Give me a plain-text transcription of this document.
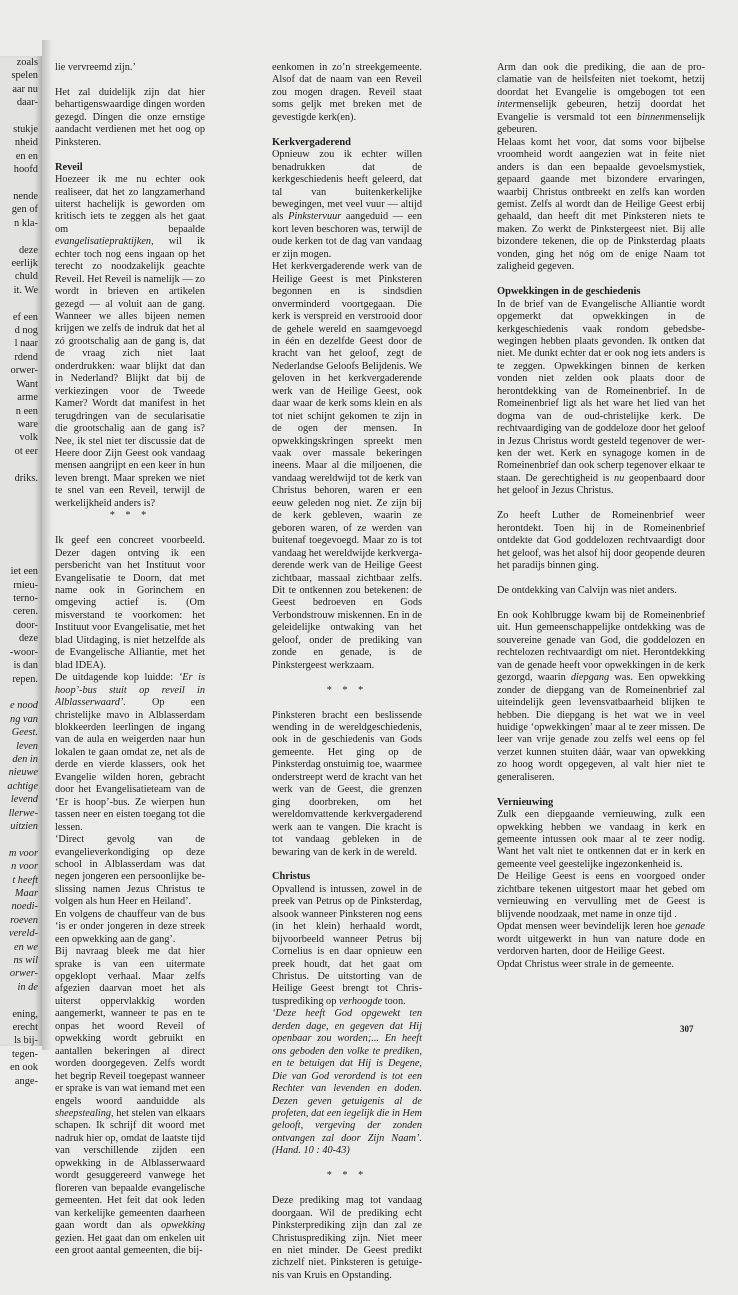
zoals
spelen
aar nu
daar-
stukje
nheid
en en
hoofd
nende
gen of
n kla-
deze
eerlijk
chuld
it. We
ef een
d nog
l naar
rdend
orwer-
Want
arme
n een
ware
volk
ot eer
driks.
iet een
rnieu-
terno-
ceren.
door-
deze
-woor-
is dan
repen.
e nood
ng van
Geest.
leven
den in
nieuwe
achtige
levend
llerwe-
uitzien
m voor
n voor
t heeft
Maar
noedi-
roeven
vereld-
en we
ns wil
orwer-
in de
ening,
erecht
ls bij-
tegen-
en ook
ange-

lie vervreemd zijn.’

Het zal duidelijk zijn dat hier behartigenswaardige dingen worden gezegd. Dingen die onze ernstige aandacht verdienen met het oog op Pinksteren.

Reveil

Hoezeer ik me nu echter ook realiseer, dat het zo langzamerhand uiterst hachelijk is geworden om kritisch iets te zeggen als het gaat om bepaalde evangelisatiepraktijken, wil ik echter toch nog eens ingaan op het terecht zo noodzakelijk geachte Reveil. Het Reveil is namelijk — zo wordt in brieven en artikelen gezegd — al voluit aan de gang. Wanneer we alles bijeen nemen krijgen we zelfs de indruk dat het al zó grootschalig aan de gang is, dat de vraag zich niet laat onderdrukken: waar blijkt dat dan in Nederland? Blijkt dat bij de verkiezingen voor de Tweede Kamer? Wordt dat manifest in het terugdringen van de secularisatie die grootschalig aan de gang is? Nee, ik stel niet ter discussie dat de Heere door Zijn Geest ook vandaag mensen aangrijpt en een keer in hun leven brengt. Maar spreken we niet te snel van een Reveil, terwijl de werkelijkheid anders is?

* * *

Ik geef een concreet voorbeeld. Dezer dagen ontving ik een persbericht van het Instituut voor Evangelisatie te Doorn, dat met name ook in Gorinchem en omgeving actief is. (Om misverstand te voorkomen: het Instituut voor Evangelisatie, met het blad Uitdaging, is niet hetzelfde als de Evangelische Alliantie, met het blad IDEA).

De uitdagende kop luidde: ‘Er is hoop’-bus stuit op reveil in Alblasserwaard’. Op een christelijke mavo in Alblasserdam blokkeerden leerlingen de ingang van de aula en weigerden naar hun lokalen te gaan omdat ze, net als de derde en vierde klassers, ook het Evangelie wilden horen, gebracht door het Evangelisatieteam van de ‘Er is hoop’-bus. Ze wierpen hun tassen neer en eisten toegang tot die lessen.

‘Direct gevolg van de evangelieverkondiging op deze school in Alblasserdam was dat negen jongeren een persoonlijke beslissing namen Jezus Christus te volgen als hun Heer en Heiland’.

En volgens de chauffeur van de bus ‘is er onder jongeren in deze streek een opwekking aan de gang’.

Bij navraag bleek me dat hier sprake is van een uitermate opgeklopt verhaal. Maar zelfs afgezien daarvan moet het als uiterst oppervlakkig worden aangemerkt, wanneer te pas en te onpas het woord Reveil of opwekking wordt gebruikt en aantallen bekeringen al direct worden doorgegeven. Zelfs wordt het begrip Reveil toegepast wanneer er sprake is van wat iemand met een engels woord aanduidde als sheepstealing, het stelen van elkaars schapen. Ik schrijf dit woord met nadruk hier op, omdat de laatste tijd van verschillende zijden een opwekking in de Alblasserwaard wordt gesuggereerd vanwege het floreren van bepaalde evangelische gemeenten. Het feit dat ook leden van kerkelijke gemeenten daarheen gaan wordt dan als opwekking gezien. Het gaat dan om enkelen uit een groot aantal gemeenten, die bij-

eenkomen in zo’n streekgemeente. Alsof dat de naam van een Reveil zou mogen dragen. Reveil staat soms geljk met breken met de gevestigde kerk(en).

Kerkvergaderend

Opnieuw zou ik echter willen benadrukken dat de kerkgeschiedenis heeft geleerd, dat tal van buitenkerkelijke bewegingen, met veel vuur — altijd als Pinkstervuur aangeduid — een kort leven beschoren was, terwijl de oude kerken tot de dag van vandaag er zijn mogen.

Het kerkvergaderende werk van de Heilige Geest is met Pinksteren begonnen en is sindsdien onverminderd voortgegaan. Die kerk is verspreid en verstrooid door de gehele wereld en saamgevoegd in één en dezelfde Geest door de kracht van het geloof, zegt de Nederlandse Geloofs Belijdenis. We geloven in het kerkvergaderende werk van de Heilige Geest, ook daar waar de kerk soms klein en als tot niet schijnt gekomen te zijn in de ogen der mensen. In opwekkingskringen spreekt men vaak over massale bekeringen ineens. Maar al die miljoenen, die vandaag wereldwijd tot de kerk van Christus behoren, waren er een eeuw geleden nog niet. Ze zijn bij de kerk gebleven, waarin ze geboren waren, of ze werden van buitenaf toegevoegd. Maar zo is tot vandaag het wereldwijde kerkvergaderende werk van de Heilige Geest zichtbaar, massaal zichtbaar zelfs. Dit te ontkennen zou betekenen: de Geest bedroeven en Gods Verbondstrouw miskennen. En in de geleidelijke ontwaking van het geloof, onder de prediking van zonde en genade, is de Pinkstergeest werkzaam.

* * *

Pinksteren bracht een beslissende wending in de wereldgeschiedenis, ook in de geschiedenis van Gods gemeente. Het ging op de Pinksterdag onstuimig toe, waarmee onderstreept werd de kracht van het werk van de Geest, die grenzen ging doorbreken, om het wereldomvattende kerkvergaderend werk aan te vangen. Die kracht is tot vandaag gebleken in de bewaring van de kerk in de wereld.

Christus

Opvallend is intussen, zowel in de preek van Petrus op de Pinksterdag, alsook wanneer Pinksteren nog eens (in het klein) herhaald wordt, bijvoorbeeld wanneer Petrus bij Cornelius is en daar opnieuw een preek houdt, dat het gaat om Christus. De uitstorting van de Heilige Geest brengt tot Christusprediking op verhoogde toon.

‘Deze heeft God opgewekt ten derden dage, en gegeven dat Hij openbaar zou worden;... En heeft ons geboden den volke te prediken, en te betuigen dat Hij is Degene, Die van God verordend is tot een Rechter van levenden en doden. Dezen geven getuigenis al de profeten, dat een iegelijk die in Hem gelooft, vergeving der zonden ontvangen zal door Zijn Naam’. (Hand. 10 : 40-43)

* * *

Deze prediking mag tot vandaag doorgaan. Wil de prediking echt Pinksterprediking zijn dan zal ze Christusprediking zijn. Niet meer en niet minder. De Geest predikt zichzelf niet. Pinksteren is getuigenis van Kruis en Opstanding.

Arm dan ook die prediking, die aan de proclamatie van de heilsfeiten niet toekomt, hetzij doordat het Evangelie is omgebogen tot een intermenselijk gebeuren, hetzij doordat het Evangelie is versmald tot een binnenmenselijk gebeuren.

Helaas komt het voor, dat soms voor bijbelse vroomheid wordt aangezien wat in feite niet anders is dan een bepaalde gevoelsmystiek, gepaard gaande met bizondere ervaringen, waarbij Christus ontbreekt en zelfs kan worden gemist. Zelfs al wordt dan de Heilige Geest erbij gehaald, dan heeft dit met Pinksteren niets te maken. Zo werkt de Pinkstergeest niet. Bij alle bizondere tekenen, die op de Pinksterdag plaats vonden, ging het nóg om de enige Naam tot zaligheid gegeven.

Opwekkingen in de geschiedenis

In de brief van de Evangelische Alliantie wordt opgemerkt dat opwekkingen in de kerkgeschiedenis vaak rondom gebedsbewegingen hebben plaats gevonden. Ik ontken dat niet. Me dunkt echter dat er ook nog iets anders is te zeggen. Opwekkingen binnen de kerken vonden niet zelden ook plaats door de herontdekking van de Romeinenbrief. In de Romeinenbrief ligt als het ware het lied van het dogma van de oud-christelijke kerk. De rechtvaardiging van de goddeloze door het geloof in Jezus Christus wordt gesteld tegenover de werken der wet. Kerk en synagoge komen in de Romeinenbrief dan ook scherp tegenover elkaar te staan. De gerechtigheid is nu geopenbaard door het geloof in Jezus Christus.

Zo heeft Luther de Romeinenbrief weer herontdekt. Toen hij in de Romeinenbrief ontdekte dat God goddelozen rechtvaardigt door het geloof, was het alsof hij door geopende deuren het paradijs binnen ging.

De ontdekking van Calvijn was niet anders.

En ook Kohlbrugge kwam bij de Romeinenbrief uit. Hun gemeenschappelijke ontdekking was de souvereine genade van God, die goddelozen en rechtelozen rechtvaardigt om niet. Herontdekking van de genade heeft voor opwekkingen in de kerk gezorgd, waarin diepgang was. Een opwekking zonder de diepgang van de Romeinenbrief zal uiteindelijk geen levensvatbaarheid blijken te hebben. Die diepgang is het wat we in veel huidige ‘opwekkingen’ maar al te zeer missen. De leer van vrije genade zou zelfs wel eens op fel verzet kunnen stuiten dáár, waar van opwekking zo hoog wordt opgegeven, al valt hier niet te generaliseren.

Vernieuwing

Zulk een diepgaande vernieuwing, zulk een opwekking hebben we vandaag in kerk en gemeente intussen ook maar al te zeer nodig. Want het valt niet te ontkennen dat er in kerk en gemeente veel geestelijke ingezonkenheid is.

De Heilige Geest is eens en voorgoed onder zichtbare tekenen uitgestort maar het gebed om vernieuwing en vervulling met de Geest is blijvende noodzaak, met name in onze tijd .

Opdat mensen weer bevindelijk leren hoe genade wordt uitgewerkt in hun van nature dode en verdorven harten, door de Heilige Geest.

Opdat Christus weer strale in de gemeente.

307
